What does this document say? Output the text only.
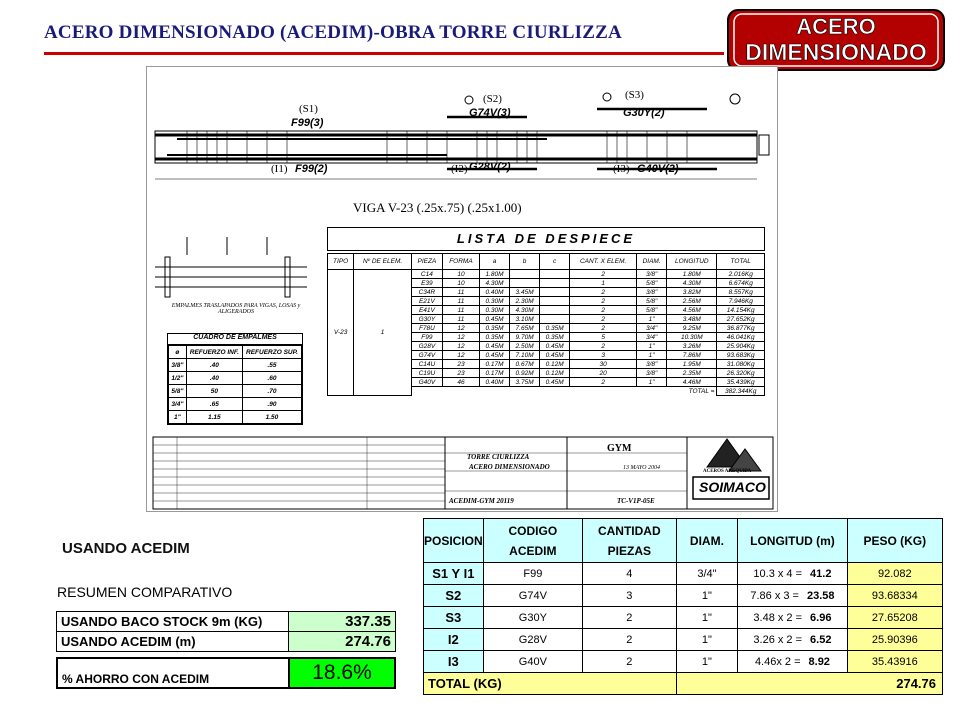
ACERO DIMENSIONADO (ACEDIM)-OBRA TORRE CIURLIZZA	ACERO
DIMENSIONADO
(S1)
F99(3)
(S2)
G74V(3)
(S3)
G30Y(2)
(I1) F99(2)	(I2) G28V(2)	(I3) G40V(2)
VIGA V-23 (.25x.75) (.25x1.00)
LISTA DE DESPIECE
TIPO	Nº DE ELEM.	PIEZA	FORMA	a	b	c	CANT. X ELEM.	DIAM.	LONGITUD	TOTAL
V-23	1	C14	10	1.80M			2	3/8"	1.80M	2.016Kg
		E39	10	4.30M			1	5/8"	4.30M	6.674Kg
		C34R	11	0.40M	3.45M		2	3/8"	3.82M	8.557Kg
		E21V	11	0.30M	2.30M		2	5/8"	2.56M	7.946Kg
		E41V	11	0.30M	4.30M		2	5/8"	4.56M	14.154Kg
		G30Y	11	0.45M	3.10M		2	1"	3.48M	27.652Kg
		F78U	12	0.35M	7.65M	0.35M	2	3/4"	9.25M	36.877Kg
		F99	12	0.35M	9.70M	0.35M	5	3/4"	10.30M	46.041Kg
		G28V	12	0.45M	2.50M	0.45M	2	1"	3.26M	25.904Kg
		G74V	12	0.45M	7.10M	0.45M	3	1"	7.86M	93.683Kg
		C14U	23	0.17M	0.67M	0.12M	30	3/8"	1.95M	31.080Kg
		C19U	23	0.17M	0.92M	0.12M	20	3/8"	2.35M	26.320Kg
		G40V	46	0.40M	3.75M	0.45M	2	1"	4.46M	35.439Kg
		TOTAL =								382.344Kg
EMPALMES TRASLAPADOS PARA VIGAS, LOSAS y ALIGERADOS
CUADRO DE EMPALMES
ø	REFUERZO INF.	REFUERZO SUP.
3/8"	.40	.55
1/2"	.40	.60
5/8"	50	.70
3/4"	.65	.90
1"	1.15	1.50
TORRE CIURLIZZA
GYM
ACERO DIMENSIONADO	13 MAYO 2004
ACEDIM-GYM 20119	TC-V1P-05E
ACEROS AREQUIPA
SOIMACO
USANDO ACEDIM
RESUMEN COMPARATIVO
USANDO BACO STOCK 9m (KG)	337.35
USANDO ACEDIM (m)	274.76
% AHORRO CON ACEDIM	18.6%
POSICION	CODIGO ACEDIM	CANTIDAD PIEZAS	DIAM.	LONGITUD (m)	PESO (KG)
S1 Y I1	F99	4	3/4"	10.3 x 4 = 41.2	92.082
S2	G74V	3	1"	7.86 x 3 = 23.58	93.68334
S3	G30Y	2	1"	3.48 x 2 = 6.96	27.65208
I2	G28V	2	1"	3.26 x 2 = 6.52	25.90396
I3	G40V	2	1"	4.46x 2 = 8.92	35.43916
TOTAL (KG)			274.76		
